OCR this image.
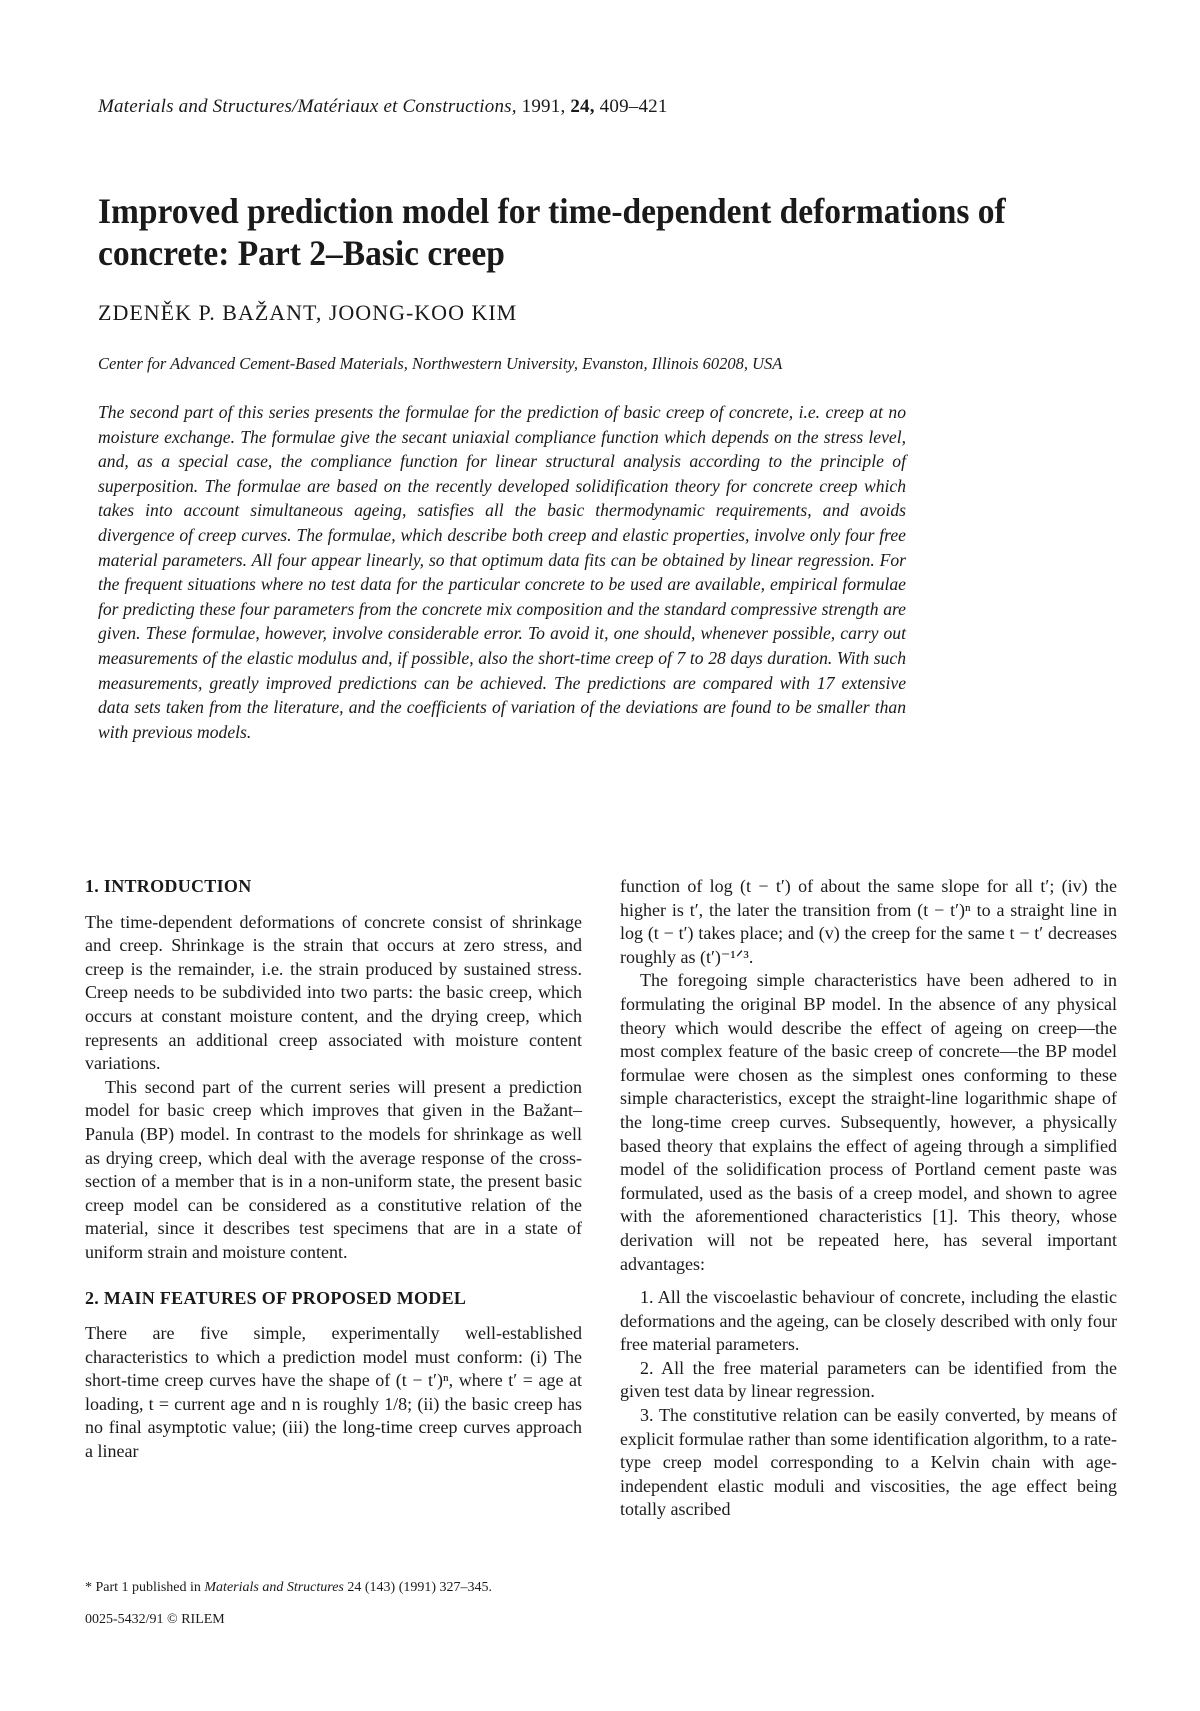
Materials and Structures/Matériaux et Constructions, 1991, 24, 409–421
Improved prediction model for time-dependent deformations of concrete: Part 2–Basic creep
ZDENĚK P. BAŽANT, JOONG-KOO KIM
Center for Advanced Cement-Based Materials, Northwestern University, Evanston, Illinois 60208, USA
The second part of this series presents the formulae for the prediction of basic creep of concrete, i.e. creep at no moisture exchange. The formulae give the secant uniaxial compliance function which depends on the stress level, and, as a special case, the compliance function for linear structural analysis according to the principle of superposition. The formulae are based on the recently developed solidification theory for concrete creep which takes into account simultaneous ageing, satisfies all the basic thermodynamic requirements, and avoids divergence of creep curves. The formulae, which describe both creep and elastic properties, involve only four free material parameters. All four appear linearly, so that optimum data fits can be obtained by linear regression. For the frequent situations where no test data for the particular concrete to be used are available, empirical formulae for predicting these four parameters from the concrete mix composition and the standard compressive strength are given. These formulae, however, involve considerable error. To avoid it, one should, whenever possible, carry out measurements of the elastic modulus and, if possible, also the short-time creep of 7 to 28 days duration. With such measurements, greatly improved predictions can be achieved. The predictions are compared with 17 extensive data sets taken from the literature, and the coefficients of variation of the deviations are found to be smaller than with previous models.
1. INTRODUCTION

The time-dependent deformations of concrete consist of shrinkage and creep. Shrinkage is the strain that occurs at zero stress, and creep is the remainder, i.e. the strain produced by sustained stress. Creep needs to be subdivided into two parts: the basic creep, which occurs at constant moisture content, and the drying creep, which represents an additional creep associated with moisture content variations.

This second part of the current series will present a prediction model for basic creep which improves that given in the Bažant–Panula (BP) model. In contrast to the models for shrinkage as well as drying creep, which deal with the average response of the cross-section of a member that is in a non-uniform state, the present basic creep model can be considered as a constitutive relation of the material, since it describes test specimens that are in a state of uniform strain and moisture content.

2. MAIN FEATURES OF PROPOSED MODEL

There are five simple, experimentally well-established characteristics to which a prediction model must conform: (i) The short-time creep curves have the shape of (t − t′)ⁿ, where t′ = age at loading, t = current age and n is roughly 1/8; (ii) the basic creep has no final asymptotic value; (iii) the long-time creep curves approach a linear

function of log (t − t′) of about the same slope for all t′; (iv) the higher is t′, the later the transition from (t − t′)ⁿ to a straight line in log (t − t′) takes place; and (v) the creep for the same t − t′ decreases roughly as (t′)⁻¹ᐟ³.

The foregoing simple characteristics have been adhered to in formulating the original BP model. In the absence of any physical theory which would describe the effect of ageing on creep—the most complex feature of the basic creep of concrete—the BP model formulae were chosen as the simplest ones conforming to these simple characteristics, except the straight-line logarithmic shape of the long-time creep curves. Subsequently, however, a physically based theory that explains the effect of ageing through a simplified model of the solidification process of Portland cement paste was formulated, used as the basis of a creep model, and shown to agree with the aforementioned characteristics [1]. This theory, whose derivation will not be repeated here, has several important advantages:

1. All the viscoelastic behaviour of concrete, including the elastic deformations and the ageing, can be closely described with only four free material parameters.

2. All the free material parameters can be identified from the given test data by linear regression.

3. The constitutive relation can be easily converted, by means of explicit formulae rather than some identification algorithm, to a rate-type creep model corresponding to a Kelvin chain with age-independent elastic moduli and viscosities, the age effect being totally ascribed

* Part 1 published in Materials and Structures 24 (143) (1991) 327–345.
0025-5432/91 © RILEM
